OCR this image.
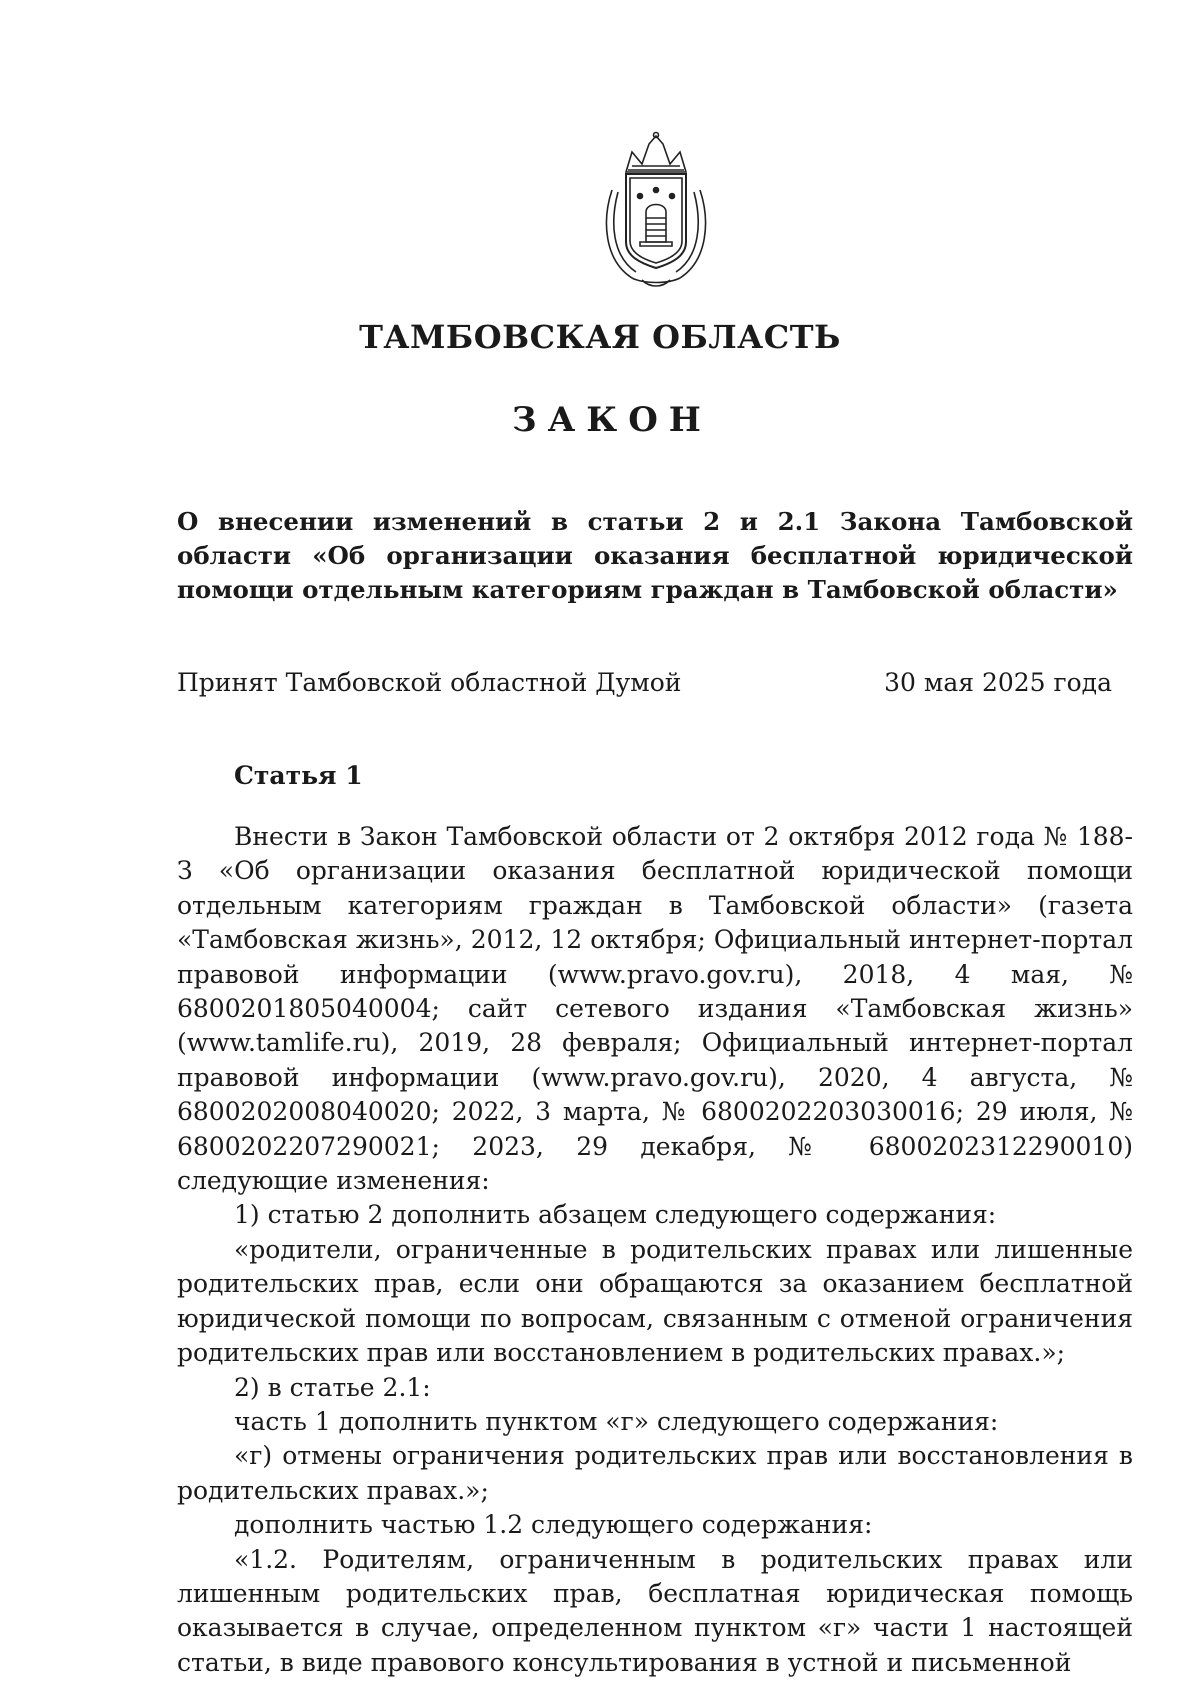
ТАМБОВСКАЯ ОБЛАСТЬ
ЗАКОН
О внесении изменений в статьи 2 и 2.1 Закона Тамбовской области «Об организации оказания бесплатной юридической помощи отдельным категориям граждан в Тамбовской области»
Принят Тамбовской областной Думой	30 мая 2025 года
Статья 1

Внести в Закон Тамбовской области от 2 октября 2012 года № 188-З «Об организации оказания бесплатной юридической помощи отдельным категориям граждан в Тамбовской области» (газета «Тамбовская жизнь», 2012, 12 октября; Официальный интернет-портал правовой информации (www.pravo.gov.ru), 2018, 4 мая, № 6800201805040004; сайт сетевого издания «Тамбовская жизнь» (www.tamlife.ru), 2019, 28 февраля; Официальный интернет-портал правовой информации (www.pravo.gov.ru), 2020, 4 августа, № 6800202008040020; 2022, 3 марта, № 6800202203030016; 29 июля, № 6800202207290021; 2023, 29 декабря, № 6800202312290010) следующие изменения:

1) статью 2 дополнить абзацем следующего содержания:

«родители, ограниченные в родительских правах или лишенные родительских прав, если они обращаются за оказанием бесплатной юридической помощи по вопросам, связанным с отменой ограничения родительских прав или восстановлением в родительских правах.»;

2) в статье 2.1:

часть 1 дополнить пунктом «г» следующего содержания:

«г) отмены ограничения родительских прав или восстановления в родительских правах.»;

дополнить частью 1.2 следующего содержания:

«1.2. Родителям, ограниченным в родительских правах или лишенным родительских прав, бесплатная юридическая помощь оказывается в случае, определенном пунктом «г» части 1 настоящей статьи, в виде правового консультирования в устной и письменной
